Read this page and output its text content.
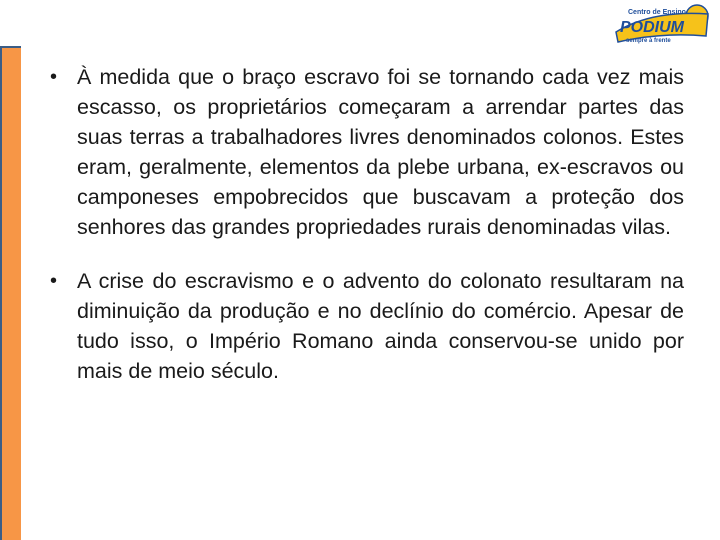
Centro de Ensino
PODIUM
sempre à frente
• À medida que o braço escravo foi se tornando cada vez mais escasso, os proprietários começaram a arrendar partes das suas terras a trabalhadores livres denominados colonos. Estes eram, geralmente, elementos da plebe urbana, ex-escravos ou camponeses empobrecidos que buscavam a proteção dos senhores das grandes propriedades rurais denominadas vilas.
• A crise do escravismo e o advento do colonato resultaram na diminuição da produção e no declínio do comércio. Apesar de tudo isso, o Império Romano ainda conservou-se unido por mais de meio século.
